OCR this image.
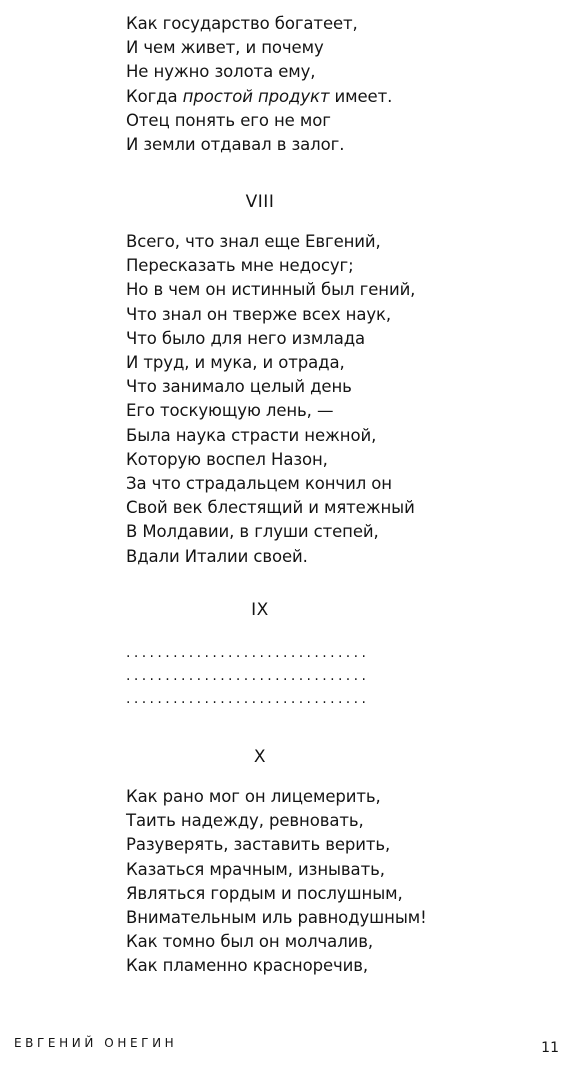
Как государство богатеет,
И чем живет, и почему
Не нужно золота ему,
Когда простой продукт имеет.
Отец понять его не мог
И земли отдавал в залог.
VIII
Всего, что знал еще Евгений,
Пересказать мне недосуг;
Но в чем он истинный был гений,
Что знал он тверже всех наук,
Что было для него измлада
И труд, и мука, и отрада,
Что занимало целый день
Его тоскующую лень, —
Была наука страсти нежной,
Которую воспел Назон,
За что страдальцем кончил он
Свой век блестящий и мятежный
В Молдавии, в глуши степей,
Вдали Италии своей.
IX
...............................
...............................
...............................
X
Как рано мог он лицемерить,
Таить надежду, ревновать,
Разуверять, заставить верить,
Казаться мрачным, изнывать,
Являться гордым и послушным,
Внимательным иль равнодушным!
Как томно был он молчалив,
Как пламенно красноречив,
ЕВГЕНИЙ ОНЕГИН	11
